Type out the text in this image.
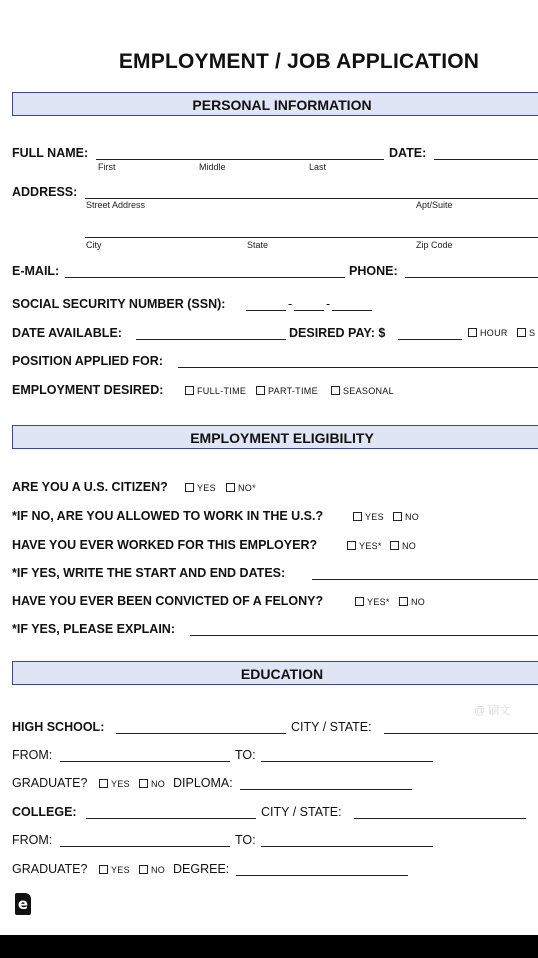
EMPLOYMENT / JOB APPLICATION
PERSONAL INFORMATION
FULL NAME:
First	Middle	Last
DATE:
ADDRESS:
Street Address	Apt/Suite
City	State	Zip Code
E-MAIL:	PHONE:
SOCIAL SECURITY NUMBER (SSN):	-	-
DATE AVAILABLE:	DESIRED PAY: $	HOUR	S
POSITION APPLIED FOR:
EMPLOYMENT DESIRED:	FULL-TIME	PART-TIME	SEASONAL
EMPLOYMENT ELIGIBILITY
ARE YOU A U.S. CITIZEN?	YES	NO*
*IF NO, ARE YOU ALLOWED TO WORK IN THE U.S.?	YES	NO
HAVE YOU EVER WORKED FOR THIS EMPLOYER?	YES*	NO
*IF YES, WRITE THE START AND END DATES:
HAVE YOU EVER BEEN CONVICTED OF A FELONY?	YES*	NO
*IF YES, PLEASE EXPLAIN:
EDUCATION
@ 刷文
HIGH SCHOOL:	CITY / STATE:
FROM:	TO:
GRADUATE?	YES	NO DIPLOMA:
COLLEGE:	CITY / STATE:
FROM:	TO:
GRADUATE?	YES	NO DEGREE:
e
